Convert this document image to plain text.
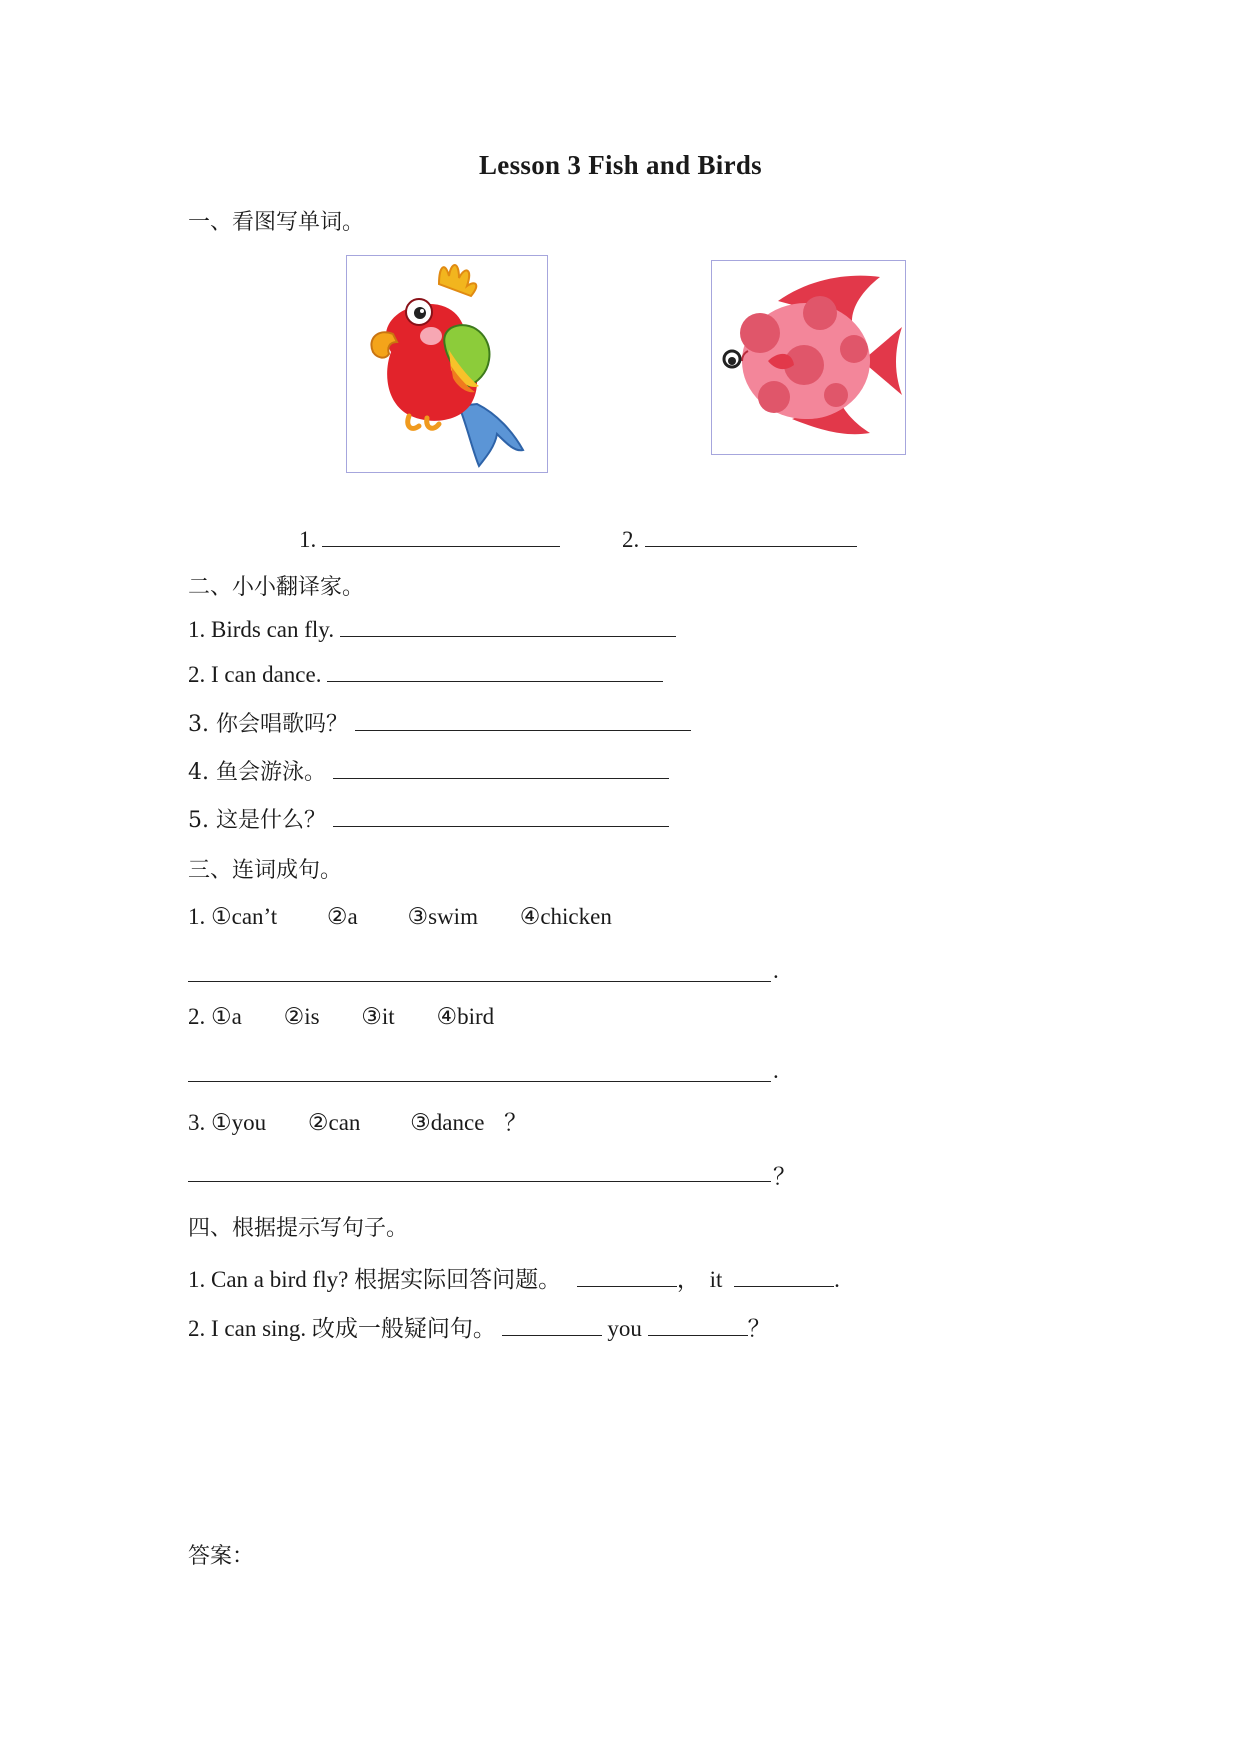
Lesson 3 Fish and Birds
一、看图写单词。
1.	2.
二、小小翻译家。
1. Birds can fly.
2. I can dance.
3. 你会唱歌吗？
4. 鱼会游泳。
5. 这是什么？
三、连词成句。
1. ①can’t ②a ③swim ④chicken
.
2. ①a ②is ③it ④bird
.
3. ①you ②can ③dance ？
？
四、根据提示写句子。
1. Can a bird fly? 根据实际回答问题。	， it	.
2. I can sing. 改成一般疑问句。	you	？
答案：
